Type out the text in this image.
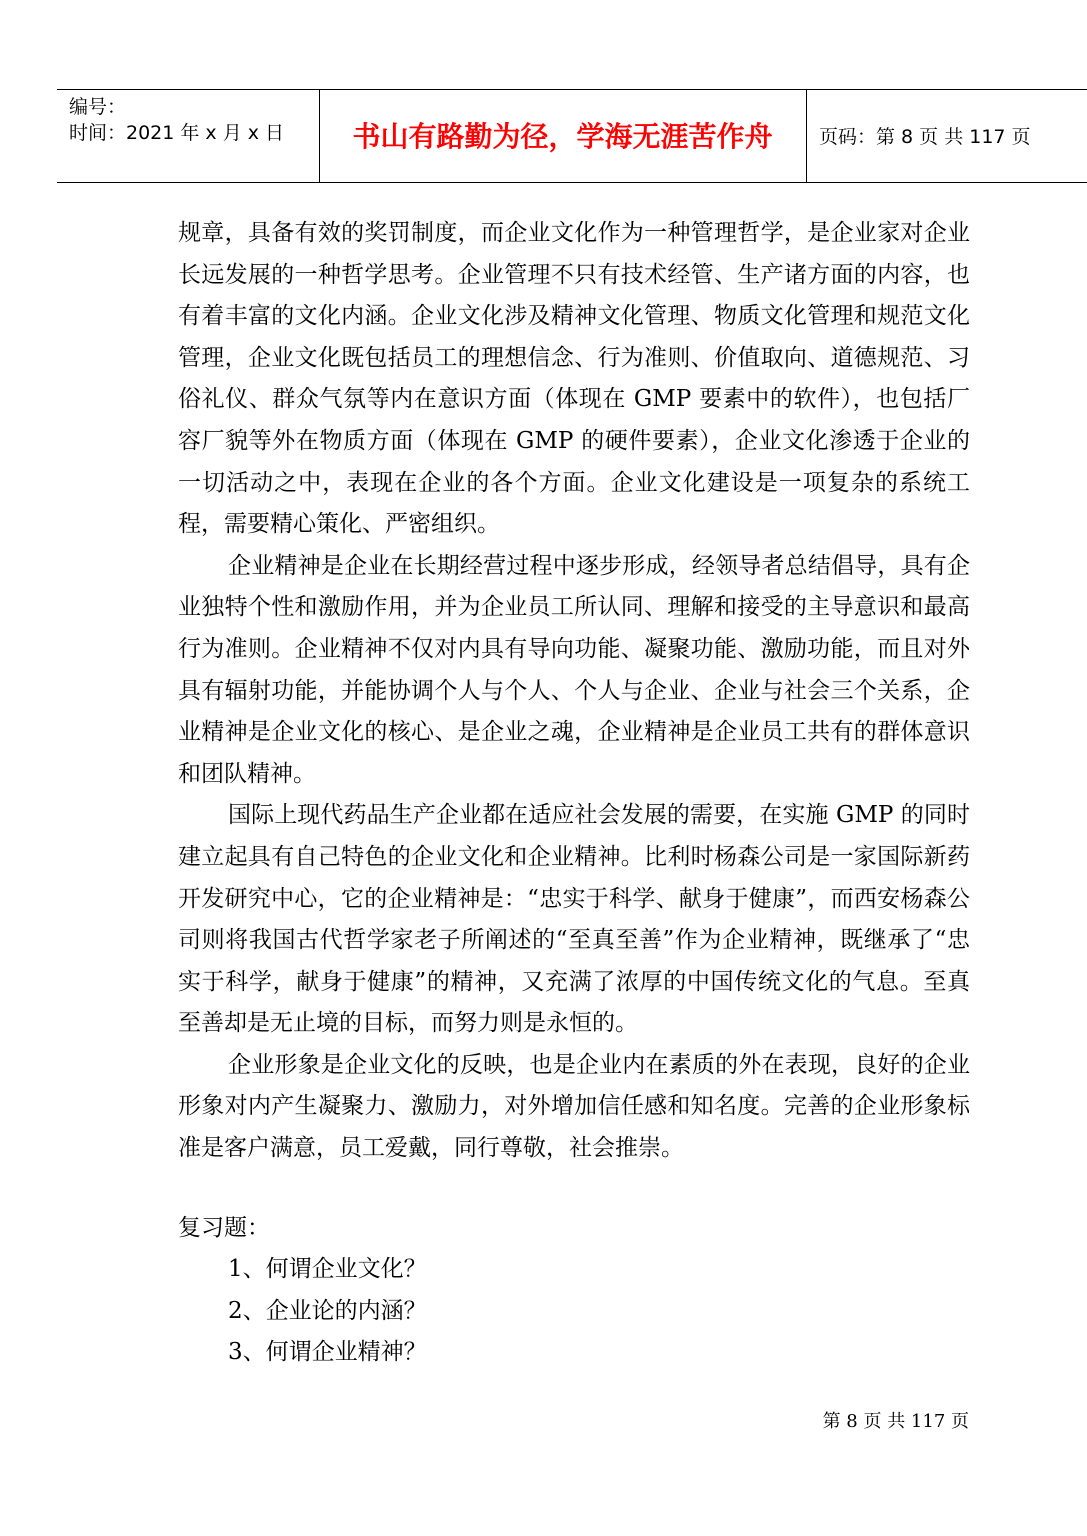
编号：
时间：2021 年 x 月 x 日	书山有路勤为径，学海无涯苦作舟	页码：第 8 页 共 117 页

规章，具备有效的奖罚制度，而企业文化作为一种管理哲学，是企业家对企业长远发展的一种哲学思考。企业管理不只有技术经管、生产诸方面的内容，也有着丰富的文化内涵。企业文化涉及精神文化管理、物质文化管理和规范文化管理，企业文化既包括员工的理想信念、行为准则、价值取向、道德规范、习俗礼仪、群众气氛等内在意识方面（体现在 GMP 要素中的软件），也包括厂容厂貌等外在物质方面（体现在 GMP 的硬件要素），企业文化渗透于企业的一切活动之中，表现在企业的各个方面。企业文化建设是一项复杂的系统工程，需要精心策化、严密组织。

企业精神是企业在长期经营过程中逐步形成，经领导者总结倡导，具有企业独特个性和激励作用，并为企业员工所认同、理解和接受的主导意识和最高行为准则。企业精神不仅对内具有导向功能、凝聚功能、激励功能，而且对外具有辐射功能，并能协调个人与个人、个人与企业、企业与社会三个关系，企业精神是企业文化的核心、是企业之魂，企业精神是企业员工共有的群体意识和团队精神。

国际上现代药品生产企业都在适应社会发展的需要，在实施 GMP 的同时建立起具有自己特色的企业文化和企业精神。比利时杨森公司是一家国际新药开发研究中心，它的企业精神是：“忠实于科学、献身于健康”，而西安杨森公司则将我国古代哲学家老子所阐述的“至真至善”作为企业精神，既继承了“忠实于科学，献身于健康”的精神，又充满了浓厚的中国传统文化的气息。至真至善却是无止境的目标，而努力则是永恒的。

企业形象是企业文化的反映，也是企业内在素质的外在表现，良好的企业形象对内产生凝聚力、激励力，对外增加信任感和知名度。完善的企业形象标准是客户满意，员工爱戴，同行尊敬，社会推崇。

复习题：

1、何谓企业文化？

2、企业论的内涵？

3、何谓企业精神？

第 8 页 共 117 页
